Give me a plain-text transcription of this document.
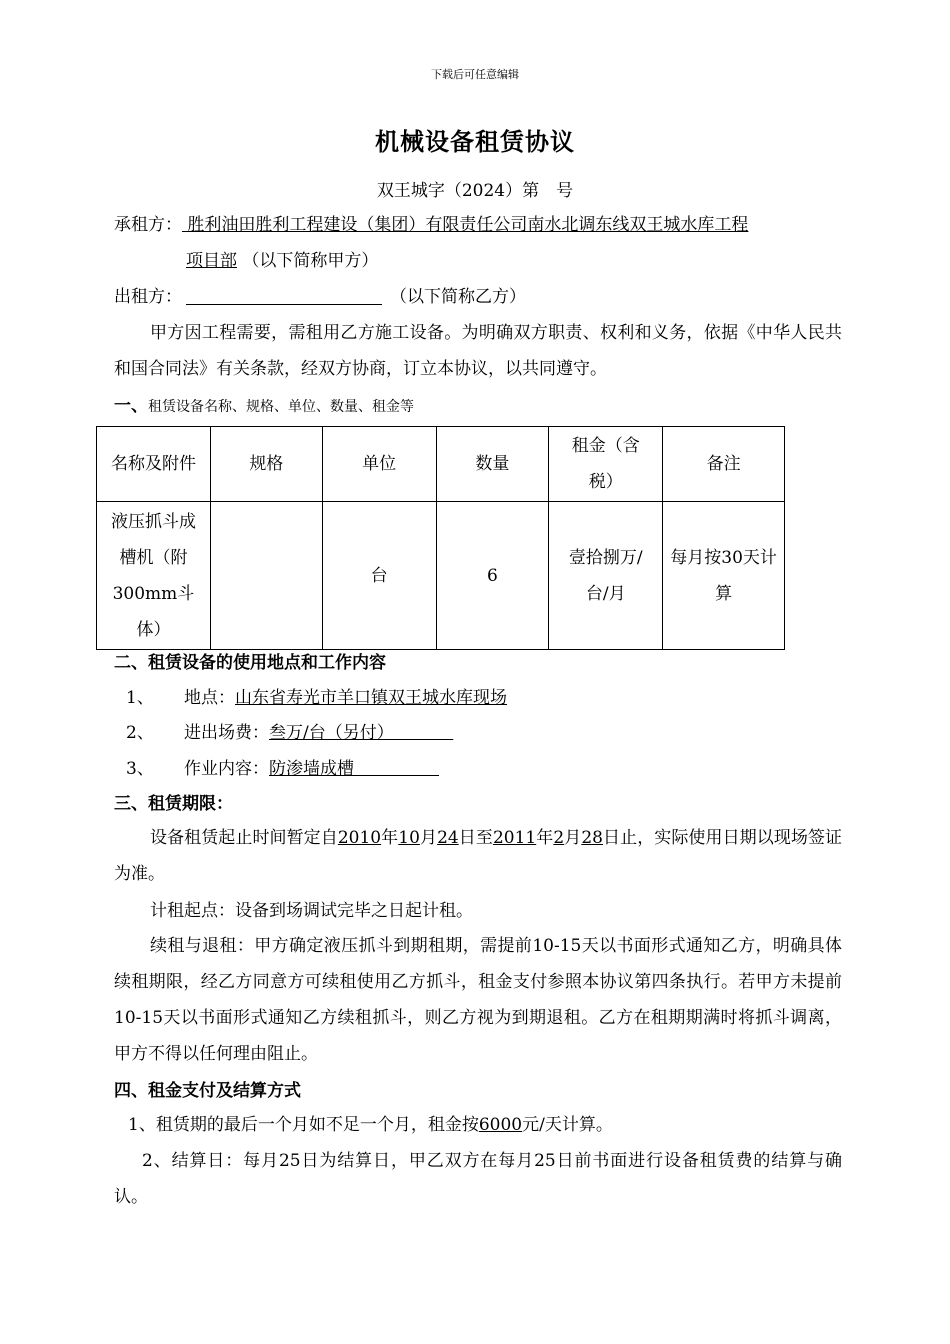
下载后可任意编辑
机械设备租赁协议
双王城字（2024）第　号
承租方： 胜利油田胜利工程建设（集团）有限责任公司南水北调东线双王城水库工程
项目部 （以下简称甲方）
出租方：	（以下简称乙方）
甲方因工程需要，需租用乙方施工设备。为明确双方职责、权利和义务，依据《中华人民共和国合同法》有关条款，经双方协商，订立本协议，以共同遵守。
一、租赁设备名称、规格、单位、数量、租金等
名称及附件	规格	单位	数量	租金（含税）	备注
液压抓斗成槽机（附300mm斗体）		台	6	壹拾捌万/台/月	每月按30天计算
二、租赁设备的使用地点和工作内容
1、 地点：山东省寿光市羊口镇双王城水库现场
2、 进出场费：叁万/台（另付）　　　　
3、 作业内容：防渗墙成槽　　　　　
三、租赁期限：
设备租赁起止时间暂定自2010年10月24日至2011年2月28日止，实际使用日期以现场签证为准。
计租起点：设备到场调试完毕之日起计租。
续租与退租：甲方确定液压抓斗到期租期，需提前10-15天以书面形式通知乙方，明确具体续租期限，经乙方同意方可续租使用乙方抓斗，租金支付参照本协议第四条执行。若甲方未提前10-15天以书面形式通知乙方续租抓斗，则乙方视为到期退租。乙方在租期期满时将抓斗调离，甲方不得以任何理由阻止。
四、租金支付及结算方式
1、租赁期的最后一个月如不足一个月，租金按6000元/天计算。
2、结算日：每月25日为结算日，甲乙双方在每月25日前书面进行设备租赁费的结算与确认。
